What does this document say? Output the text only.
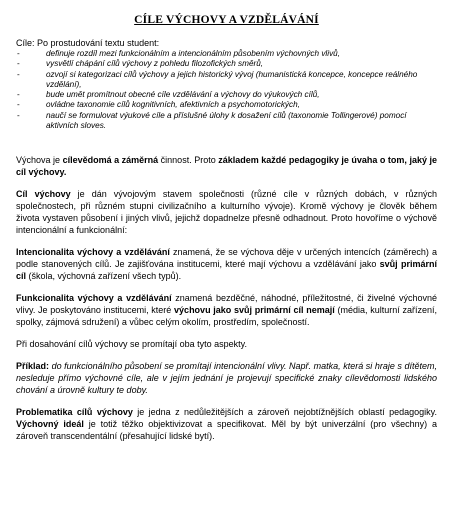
CÍLE VÝCHOVY A VZDĚLÁVÁNÍ

Cíle: Po prostudování textu student:

-	definuje rozdíl mezi funkcionálním a intencionálním působením výchovných vlivů,
-	vysvětlí chápání cílů výchovy z pohledu filozofických směrů,
-	ozvojí si kategorizaci cílů výchovy a jejich historický vývoj (humanistická koncepce, koncepce reálného vzdělání),
-	bude umět promítnout obecné cíle vzdělávání a výchovy do výukových cílů,
-	ovládne taxonomie cílů kognitivních, afektivních a psychomotorických,
-	naučí se formulovat výukové cíle a příslušné úlohy k dosažení cílů (taxonomie Tollingerové) pomocí aktivních sloves.

Výchova je cílevědomá a záměrná činnost. Proto základem každé pedagogiky je úvaha o tom, jaký je cíl výchovy.

Cíl výchovy je dán vývojovým stavem společnosti (různé cíle v různých dobách, v různých společnostech, při různém stupni civilizačního a kulturního vývoje). Kromě výchovy je člověk během života vystaven působení i jiných vlivů, jejichž dopadnelze přesně odhadnout. Proto hovoříme o výchově intencionální a funkcionální:

Intencionalita výchovy a vzdělávání znamená, že se výchova děje v určených intencích (záměrech) a podle stanovených cílů. Je zajišťována institucemi, které mají výchovu a vzdělávání jako svůj primární cíl (škola, výchovná zařízení všech typů).

Funkcionalita výchovy a vzdělávání znamená bezděčné, náhodné, příležitostné, či živelné výchovné vlivy. Je poskytováno institucemi, které výchovu jako svůj primární cíl nemají (média, kulturní zařízení, spolky, zájmová sdružení) a vůbec celým okolím, prostředím, společností.

Při dosahování cílů výchovy se promítají oba tyto aspekty.

Příklad: do funkcionálního působení se promítají intencionální vlivy. Např. matka, která si hraje s dítětem, nesleduje přímo výchovné cíle, ale v jejím jednání je projevují specifické znaky cílevědomosti lidského chování a úrovně kultury te doby.

Problematika cílů výchovy je jedna z nedůležitějších a zároveň nejobtížnějších oblastí pedagogiky. Výchovný ideál je totiž těžko objektivizovat a specifikovat. Měl by být univerzální (pro všechny) a zároveň transcendentální (přesahující lidské bytí).
